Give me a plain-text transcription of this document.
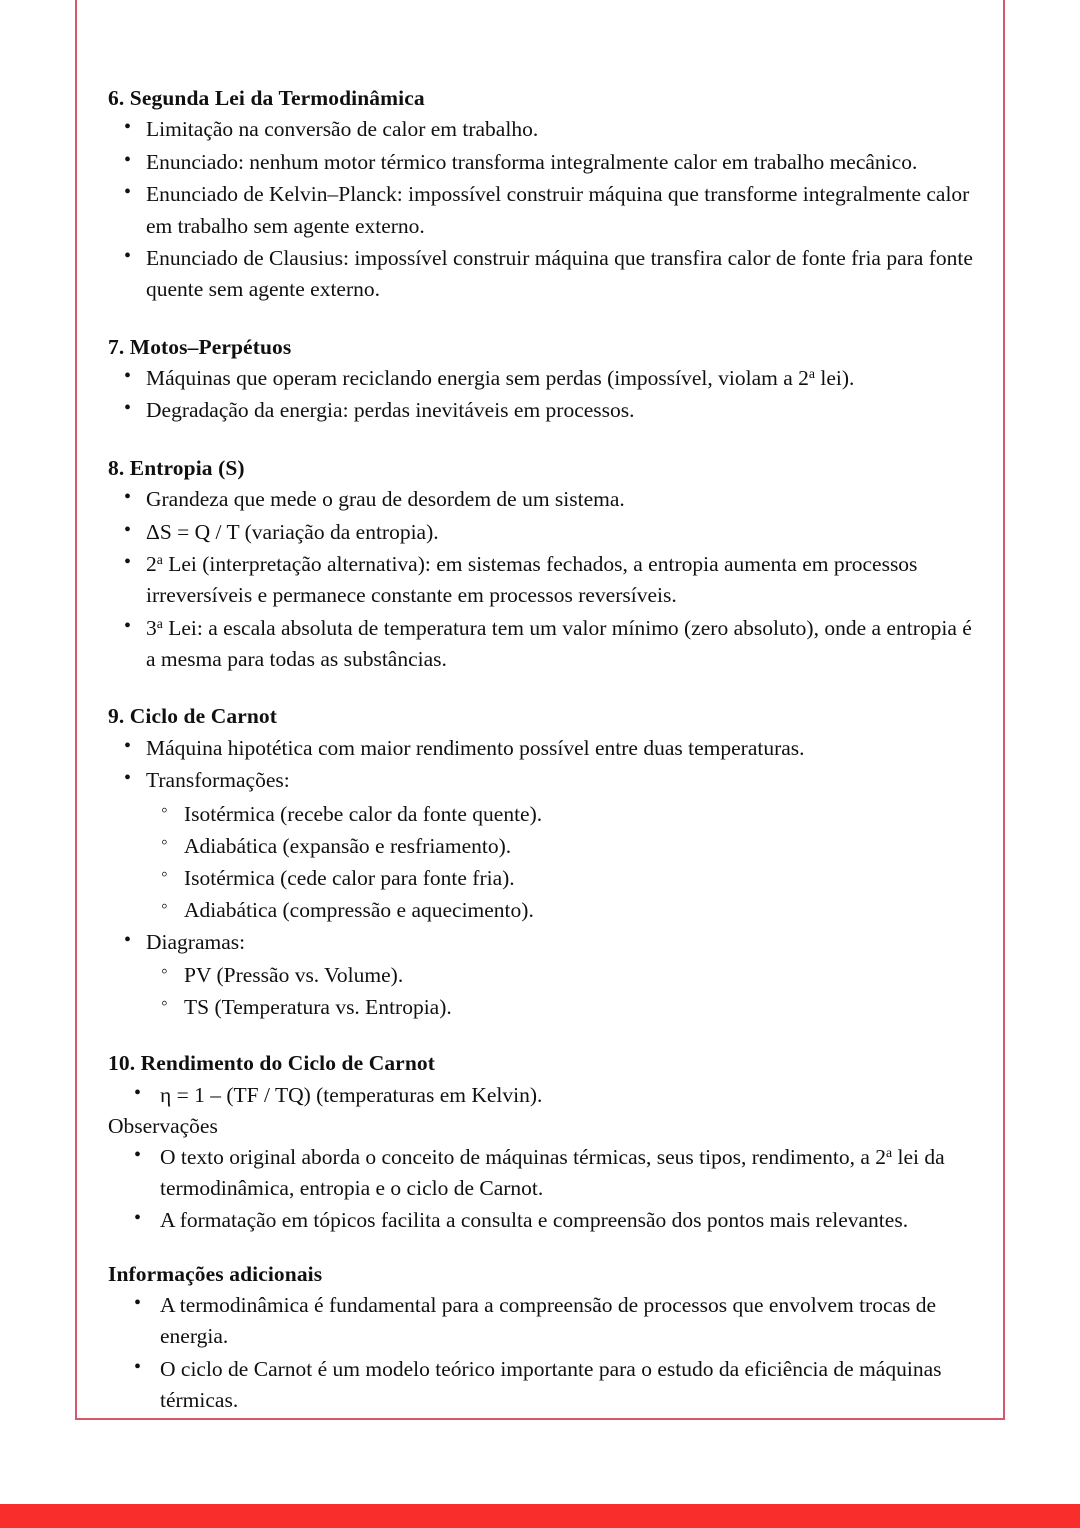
6. Segunda Lei da Termodinâmica
• Limitação na conversão de calor em trabalho.
• Enunciado: nenhum motor térmico transforma integralmente calor em trabalho mecânico.
• Enunciado de Kelvin–Planck: impossível construir máquina que transforme integralmente calor em trabalho sem agente externo.
• Enunciado de Clausius: impossível construir máquina que transfira calor de fonte fria para fonte quente sem agente externo.
7. Motos–Perpétuos
• Máquinas que operam reciclando energia sem perdas (impossível, violam a 2$^a$ lei).
• Degradação da energia: perdas inevitáveis em processos.
8. Entropia (S)
• Grandeza que mede o grau de desordem de um sistema.
• ΔS = Q / T (variação da entropia).
• 2$^a$ Lei (interpretação alternativa): em sistemas fechados, a entropia aumenta em processos irreversíveis e permanece constante em processos reversíveis.
• 3$^a$ Lei: a escala absoluta de temperatura tem um valor mínimo (zero absoluto), onde a entropia é a mesma para todas as substâncias.
9. Ciclo de Carnot
• Máquina hipotética com maior rendimento possível entre duas temperaturas.
• Transformações:
◦ Isotérmica (recebe calor da fonte quente).
◦ Adiabática (expansão e resfriamento).
◦ Isotérmica (cede calor para fonte fria).
◦ Adiabática (compressão e aquecimento).
• Diagramas:
◦ PV (Pressão vs. Volume).
◦ TS (Temperatura vs. Entropia).
10. Rendimento do Ciclo de Carnot
• η = 1 – (TF / TQ) (temperaturas em Kelvin).
Observações
• O texto original aborda o conceito de máquinas térmicas, seus tipos, rendimento, a 2$^a$ lei da termodinâmica, entropia e o ciclo de Carnot.
• A formatação em tópicos facilita a consulta e compreensão dos pontos mais relevantes.
Informações adicionais
• A termodinâmica é fundamental para a compreensão de processos que envolvem trocas de energia.
• O ciclo de Carnot é um modelo teórico importante para o estudo da eficiência de máquinas térmicas.
